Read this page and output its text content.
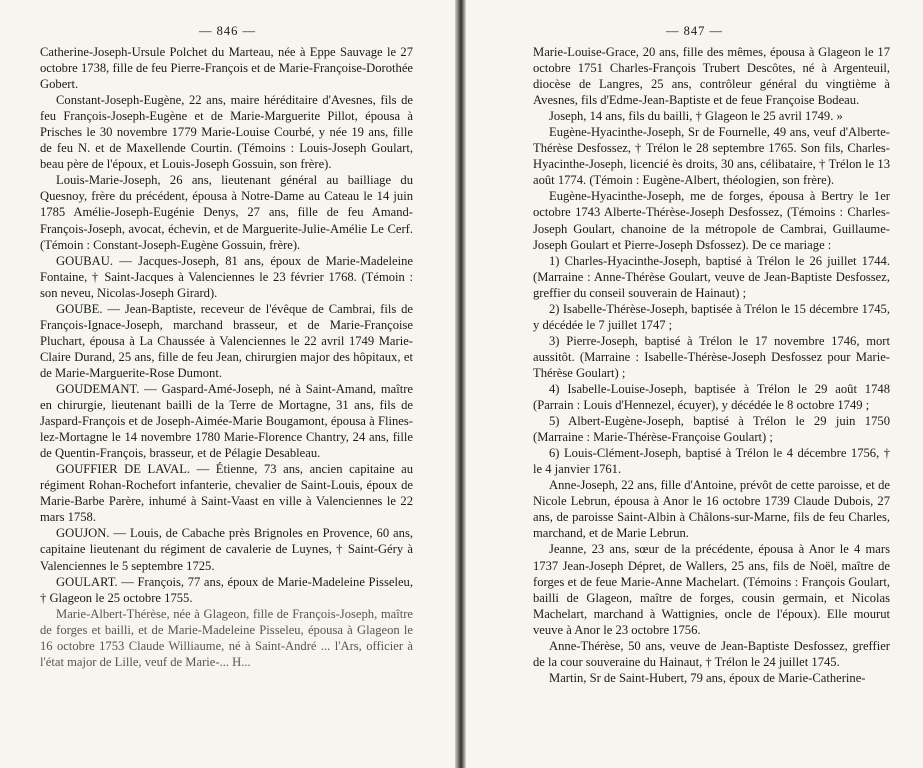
— 846 —

Catherine-Joseph-Ursule Polchet du Marteau, née à Eppe Sauvage le 27 octobre 1738, fille de feu Pierre-François et de Marie-Françoise-Dorothée Gobert.

Constant-Joseph-Eugène, 22 ans, maire héréditaire d'Avesnes, fils de feu François-Joseph-Eugène et de Marie-Marguerite Pillot, épousa à Prisches le 30 novembre 1779 Marie-Louise Courbé, y née 19 ans, fille de feu N. et de Maxellende Courtin. (Témoins : Louis-Joseph Goulart, beau père de l'époux, et Louis-Joseph Gossuin, son frère).

Louis-Marie-Joseph, 26 ans, lieutenant général au bailliage du Quesnoy, frère du précédent, épousa à Notre-Dame au Cateau le 14 juin 1785 Amélie-Joseph-Eugénie Denys, 27 ans, fille de feu Amand-François-Joseph, avocat, échevin, et de Marguerite-Julie-Amélie Le Cerf. (Témoin : Constant-Joseph-Eugène Gossuin, frère).

GOUBAU. — Jacques-Joseph, 81 ans, époux de Marie-Madeleine Fontaine, † Saint-Jacques à Valenciennes le 23 février 1768. (Témoin : son neveu, Nicolas-Joseph Girard).

GOUBE. — Jean-Baptiste, receveur de l'évêque de Cambrai, fils de François-Ignace-Joseph, marchand brasseur, et de Marie-Françoise Pluchart, épousa à La Chaussée à Valenciennes le 22 avril 1749 Marie-Claire Durand, 25 ans, fille de feu Jean, chirurgien major des hôpitaux, et de Marie-Marguerite-Rose Dumont.

GOUDEMANT. — Gaspard-Amé-Joseph, né à Saint-Amand, maître en chirurgie, lieutenant bailli de la Terre de Mortagne, 31 ans, fils de Jaspard-François et de Joseph-Aimée-Marie Bougamont, épousa à Flines-lez-Mortagne le 14 novembre 1780 Marie-Florence Chantry, 24 ans, fille de Quentin-François, brasseur, et de Pélagie Desableau.

GOUFFIER DE LAVAL. — Étienne, 73 ans, ancien capitaine au régiment Rohan-Rochefort infanterie, chevalier de Saint-Louis, époux de Marie-Barbe Parère, inhumé à Saint-Vaast en ville à Valenciennes le 22 mars 1758.

GOUJON. — Louis, de Cabache près Brignoles en Provence, 60 ans, capitaine lieutenant du régiment de cavalerie de Luynes, † Saint-Géry à Valenciennes le 5 septembre 1725.

GOULART. — François, 77 ans, époux de Marie-Madeleine Pisseleu, † Glageon le 25 octobre 1755.

Marie-Albert-Thérèse, née à Glageon, fille de François-Joseph, maître de forges et bailli, et de Marie-Madeleine Pisseleu, épousa à Glageon le 16 octobre 1753 Claude Williaume, né à Saint-André ... l'Ars, officier à l'état major de Lille, veuf de Marie-... H...

— 847 —

Marie-Louise-Grace, 20 ans, fille des mêmes, épousa à Glageon le 17 octobre 1751 Charles-François Trubert Descôtes, né à Argenteuil, diocèse de Langres, 25 ans, contrôleur général du vingtième à Avesnes, fils d'Edme-Jean-Baptiste et de feue Françoise Bodeau.

Joseph, 14 ans, fils du bailli, † Glageon le 25 avril 1749. »

Eugène-Hyacinthe-Joseph, Sr de Fournelle, 49 ans, veuf d'Alberte-Thérèse Desfossez, † Trélon le 28 septembre 1765. Son fils, Charles-Hyacinthe-Joseph, licencié ès droits, 30 ans, célibataire, † Trélon le 13 août 1774. (Témoin : Eugène-Albert, théologien, son frère).

Eugène-Hyacinthe-Joseph, me de forges, épousa à Bertry le 1er octobre 1743 Alberte-Thérèse-Joseph Desfossez, (Témoins : Charles-Joseph Goulart, chanoine de la métropole de Cambrai, Guillaume-Joseph Goulart et Pierre-Joseph Dsfossez). De ce mariage :

1) Charles-Hyacinthe-Joseph, baptisé à Trélon le 26 juillet 1744. (Marraine : Anne-Thérèse Goulart, veuve de Jean-Baptiste Desfossez, greffier du conseil souverain de Hainaut) ;

2) Isabelle-Thérèse-Joseph, baptisée à Trélon le 15 décembre 1745, y décédée le 7 juillet 1747 ;

3) Pierre-Joseph, baptisé à Trélon le 17 novembre 1746, mort aussitôt. (Marraine : Isabelle-Thérèse-Joseph Desfossez pour Marie-Thérèse Goulart) ;

4) Isabelle-Louise-Joseph, baptisée à Trélon le 29 août 1748 (Parrain : Louis d'Hennezel, écuyer), y décédée le 8 octobre 1749 ;

5) Albert-Eugène-Joseph, baptisé à Trélon le 29 juin 1750 (Marraine : Marie-Thérèse-Françoise Goulart) ;

6) Louis-Clément-Joseph, baptisé à Trélon le 4 décembre 1756, † le 4 janvier 1761.

Anne-Joseph, 22 ans, fille d'Antoine, prévôt de cette paroisse, et de Nicole Lebrun, épousa à Anor le 16 octobre 1739 Claude Dubois, 27 ans, de paroisse Saint-Albin à Châlons-sur-Marne, fils de feu Charles, marchand, et de Marie Lebrun.

Jeanne, 23 ans, sœur de la précédente, épousa à Anor le 4 mars 1737 Jean-Joseph Dépret, de Wallers, 25 ans, fils de Noël, maître de forges et de feue Marie-Anne Machelart. (Témoins : François Goulart, bailli de Glageon, maître de forges, cousin germain, et Nicolas Machelart, marchand à Wattignies, oncle de l'époux). Elle mourut veuve à Anor le 23 octobre 1756.

Anne-Thérèse, 50 ans, veuve de Jean-Baptiste Desfossez, greffier de la cour souveraine du Hainaut, † Trélon le 24 juillet 1745.

Martin, Sr de Saint-Hubert, 79 ans, époux de Marie-Catherine-
